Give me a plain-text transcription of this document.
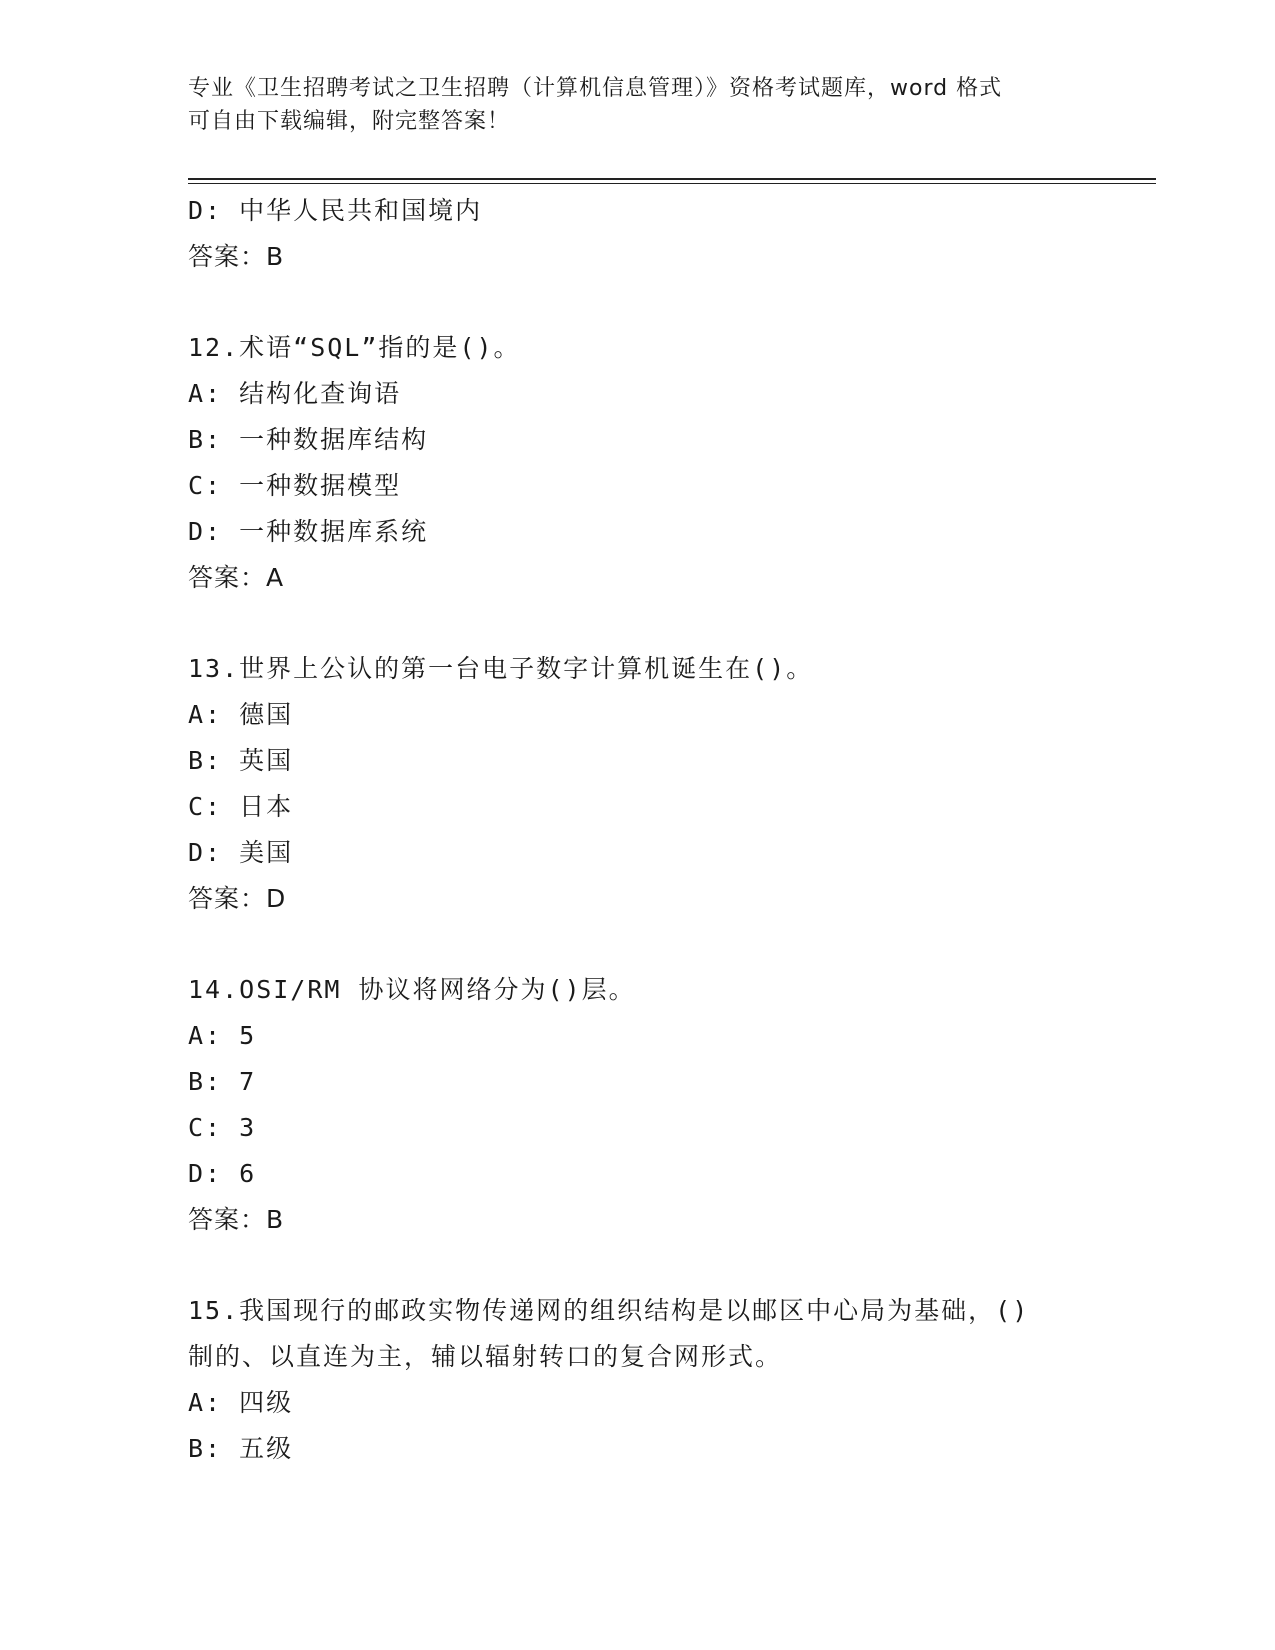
专业《卫生招聘考试之卫生招聘（计算机信息管理）》资格考试题库，word 格式
可自由下载编辑，附完整答案！
D: 中华人民共和国境内
答案：B
12.术语“SQL”指的是()。
A: 结构化查询语
B: 一种数据库结构
C: 一种数据模型
D: 一种数据库系统
答案：A
13.世界上公认的第一台电子数字计算机诞生在()。
A: 德国
B: 英国
C: 日本
D: 美国
答案：D
14.OSI/RM 协议将网络分为()层。
A: 5
B: 7
C: 3
D: 6
答案：B
15.我国现行的邮政实物传递网的组织结构是以邮区中心局为基础，()
制的、以直连为主，辅以辐射转口的复合网形式。
A: 四级
B: 五级
